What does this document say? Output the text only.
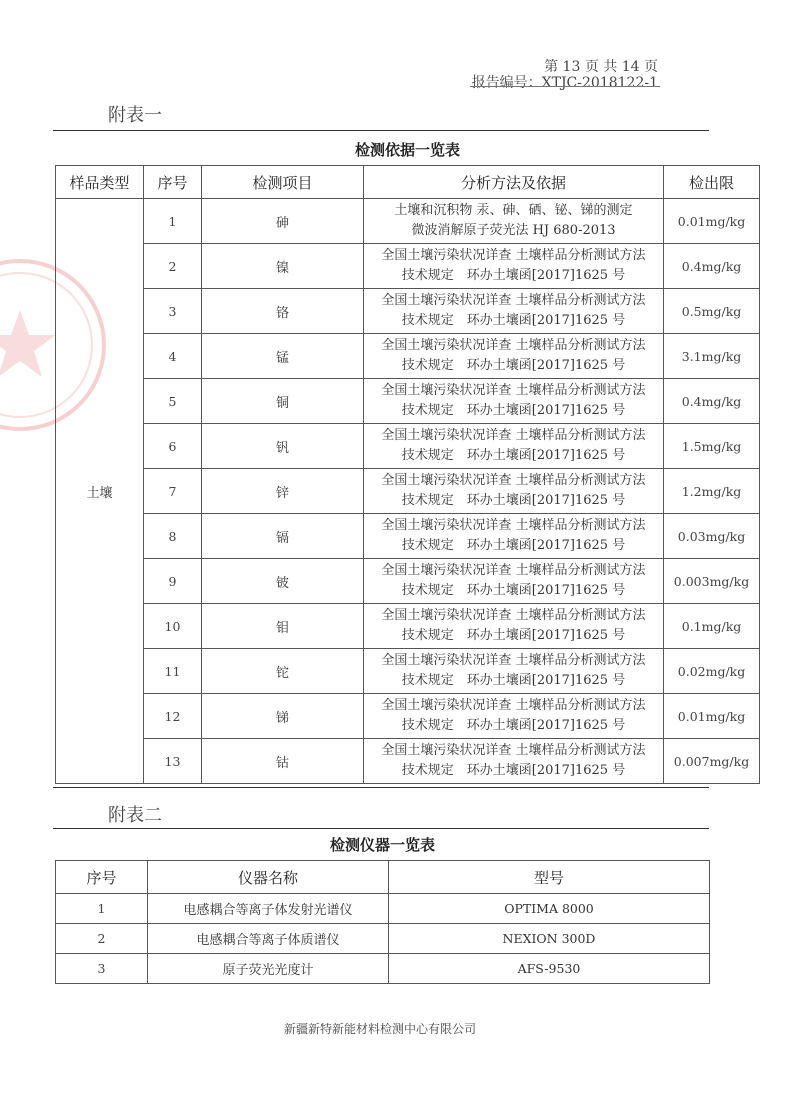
第 13 页 共 14 页
报告编号：XTJC-2018122-1
附表一
检测依据一览表				
样品类型	序号	检测项目	分析方法及依据	检出限
土壤	1	砷	土壤和沉积物 汞、砷、硒、铋、锑的测定
微波消解原子荧光法 HJ 680-2013	0.01mg/kg
	2	镍	全国土壤污染状况详查 土壤样品分析测试方法
技术规定　环办土壤函[2017]1625 号	0.4mg/kg
	3	铬	全国土壤污染状况详查 土壤样品分析测试方法
技术规定　环办土壤函[2017]1625 号	0.5mg/kg
	4	锰	全国土壤污染状况详查 土壤样品分析测试方法
技术规定　环办土壤函[2017]1625 号	3.1mg/kg
	5	铜	全国土壤污染状况详查 土壤样品分析测试方法
技术规定　环办土壤函[2017]1625 号	0.4mg/kg
	6	钒	全国土壤污染状况详查 土壤样品分析测试方法
技术规定　环办土壤函[2017]1625 号	1.5mg/kg
	7	锌	全国土壤污染状况详查 土壤样品分析测试方法
技术规定　环办土壤函[2017]1625 号	1.2mg/kg
	8	镉	全国土壤污染状况详查 土壤样品分析测试方法
技术规定　环办土壤函[2017]1625 号	0.03mg/kg
	9	铍	全国土壤污染状况详查 土壤样品分析测试方法
技术规定　环办土壤函[2017]1625 号	0.003mg/kg
	10	钼	全国土壤污染状况详查 土壤样品分析测试方法
技术规定　环办土壤函[2017]1625 号	0.1mg/kg
	11	铊	全国土壤污染状况详查 土壤样品分析测试方法
技术规定　环办土壤函[2017]1625 号	0.02mg/kg
	12	锑	全国土壤污染状况详查 土壤样品分析测试方法
技术规定　环办土壤函[2017]1625 号	0.01mg/kg
	13	钴	全国土壤污染状况详查 土壤样品分析测试方法
技术规定　环办土壤函[2017]1625 号	0.007mg/kg
附表二
检测仪器一览表		
序号	仪器名称	型号
1	电感耦合等离子体发射光谱仪	OPTIMA 8000
2	电感耦合等离子体质谱仪	NEXION 300D
3	原子荧光光度计	AFS-9530
新疆新特新能材料检测中心有限公司
